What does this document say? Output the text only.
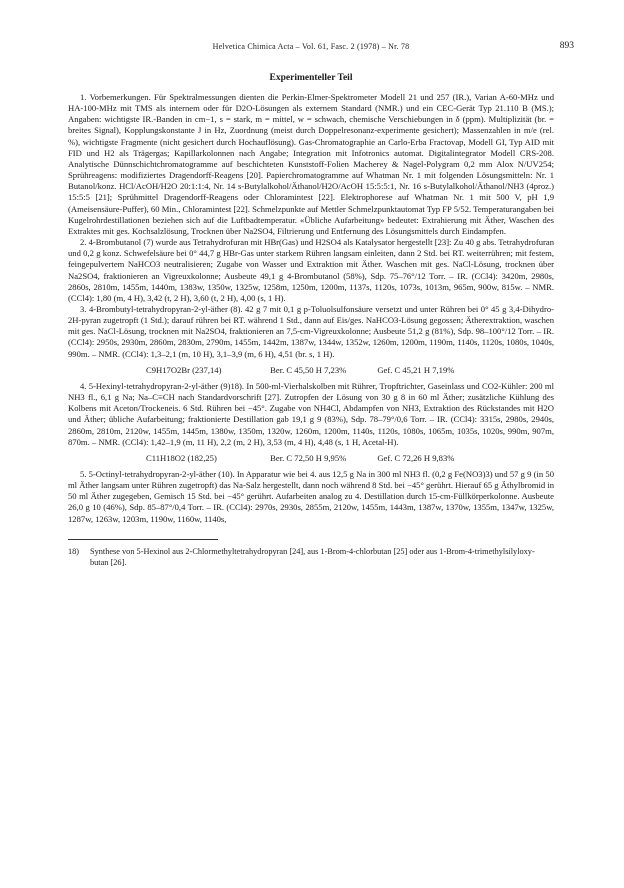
Helvetica Chimica Acta – Vol. 61, Fasc. 2 (1978) – Nr. 78	893
Experimenteller Teil

1. Vorbemerkungen. Für Spektralmessungen dienten die Perkin-Elmer-Spektrometer Modell 21 und 257 (IR.), Varian A-60-MHz und HA-100-MHz mit TMS als internem oder für D2O-Lösungen als externem Standard (NMR.) und ein CEC-Gerät Typ 21.110 B (MS.); Angaben: wichtigste IR.-Banden in cm−1, s = stark, m = mittel, w = schwach, chemische Verschiebungen in δ (ppm). Multiplizität (br. = breites Signal), Kopplungskonstante J in Hz, Zuordnung (meist durch Doppelresonanz-experimente gesichert); Massenzahlen in m/e (rel. %), wichtigste Fragmente (nicht gesichert durch Hochauflösung). Gas-Chromatographie an Carlo-Erba Fractovap, Modell GI, Typ AID mit FID und H2 als Trägergas; Kapillarkolonnen nach Angabe; Integration mit Infotronics automat. Digitalintegrator Modell CRS-208. Analytische Dünnschichtchromatogramme auf beschichteten Kunststoff-Folien Macherey & Nagel-Polygram 0,2 mm Alox N/UV254; Sprühreagens: modifiziertes Dragendorff-Reagens [20]. Papierchromatogramme auf Whatman Nr. 1 mit folgenden Lösungsmitteln: Nr. 1 Butanol/konz. HCl/AcOH/H2O 20:1:1:4, Nr. 14 s-Butylalkohol/Äthanol/H2O/AcOH 15:5:5:1, Nr. 16 s-Butylalkohol/Äthanol/NH3 (4proz.) 15:5:5 [21]; Sprühmittel Dragendorff-Reagens oder Chloramintest [22]. Elektrophorese auf Whatman Nr. 1 mit 500 V, pH 1,9 (Ameisensäure-Puffer), 60 Min., Chloramintest [22]. Schmelzpunkte auf Mettler Schmelzpunktautomat Typ FP 5/52. Temperaturangaben bei Kugelrohrdestillationen beziehen sich auf die Luftbadtemperatur. «Übliche Aufarbeitung» bedeutet: Extrahierung mit Äther, Waschen des Extraktes mit ges. Kochsalzlösung, Trocknen über Na2SO4, Filtrierung und Entfernung des Lösungsmittels durch Eindampfen.

2. 4-Brombutanol (7) wurde aus Tetrahydrofuran mit HBr(Gas) und H2SO4 als Katalysator hergestellt [23]: Zu 40 g abs. Tetrahydrofuran und 0,2 g konz. Schwefelsäure bei 0° 44,7 g HBr-Gas unter starkem Rühren langsam einleiten, dann 2 Std. bei RT. weiterrühren; mit festem, feingepulvertem NaHCO3 neutralisieren; Zugabe von Wasser und Extraktion mit Äther. Waschen mit ges. NaCl-Lösung, trocknen über Na2SO4, fraktionieren an Vigreuxkolonne; Ausbeute 49,1 g 4-Brombutanol (58%), Sdp. 75–76°/12 Torr. – IR. (CCl4): 3420m, 2980s, 2860s, 2810m, 1455m, 1440m, 1383w, 1350w, 1325w, 1258m, 1250m, 1200m, 1137s, 1120s, 1073s, 1013m, 965m, 900w, 815w. – NMR. (CCl4): 1,80 (m, 4 H), 3,42 (t, 2 H), 3,60 (t, 2 H), 4,00 (s, 1 H).

3. 4-Brombutyl-tetrahydropyran-2-yl-äther (8). 42 g 7 mit 0,1 g p-Toluolsulfonsäure versetzt und unter Rühren bei 0° 45 g 3,4-Dihydro-2H-pyran zugetropft (1 Std.); darauf rühren bei RT. während 1 Std., dann auf Eis/ges. NaHCO3-Lösung gegossen; Ätherextraktion, waschen mit ges. NaCl-Lösung, trocknen mit Na2SO4, fraktionieren an 7,5-cm-Vigreuxkolonne; Ausbeute 51,2 g (81%), Sdp. 98–100°/12 Torr. – IR. (CCl4): 2950s, 2930m, 2860m, 2830m, 2790m, 1455m, 1442m, 1387w, 1344w, 1352w, 1260m, 1200m, 1190m, 1140s, 1120s, 1080s, 1040s, 990m. – NMR. (CCl4): 1,3–2,1 (m, 10 H), 3,1–3,9 (m, 6 H), 4,51 (br. s, 1 H).

C9H17O2Br (237,14)	Ber. C 45,50 H 7,23%	Gef. C 45,21 H 7,19%

4. 5-Hexinyl-tetrahydropyran-2-yl-äther (9)18). In 500-ml-Vierhalskolben mit Rührer, Tropftrichter, Gaseinlass und CO2-Kühler: 200 ml NH3 fl., 6,1 g Na; Na–C≡CH nach Standardvorschrift [27]. Zutropfen der Lösung von 30 g 8 in 60 ml Äther; zusätzliche Kühlung des Kolbens mit Aceton/Trockeneis. 6 Std. Rühren bei −45°. Zugabe von NH4Cl, Abdampfen von NH3, Extraktion des Rückstandes mit H2O und Äther; übliche Aufarbeitung; fraktionierte Destillation gab 19,1 g 9 (83%), Sdp. 78–79°/0,6 Torr. – IR. (CCl4): 3315s, 2980s, 2940s, 2860m, 2810m, 2120w, 1455m, 1445m, 1380w, 1350m, 1320w, 1260m, 1200m, 1140s, 1120s, 1080s, 1065m, 1035s, 1020s, 990m, 907m, 870m. – NMR. (CCl4): 1,42–1,9 (m, 11 H), 2,2 (m, 2 H), 3,53 (m, 4 H), 4,48 (s, 1 H, Acetal-H).

C11H18O2 (182,25)	Ber. C 72,50 H 9,95%	Gef. C 72,26 H 9,83%

5. 5-Octinyl-tetrahydropyran-2-yl-äther (10). In Apparatur wie bei 4. aus 12,5 g Na in 300 ml NH3 fl. (0,2 g Fe(NO3)3) und 57 g 9 (in 50 ml Äther langsam unter Rühren zugetropft) das Na-Salz hergestellt, dann noch während 8 Std. bei −45° gerührt. Hierauf 65 g Äthylbromid in 50 ml Äther zugegeben, Gemisch 15 Std. bei −45° gerührt. Aufarbeiten analog zu 4. Destillation durch 15-cm-Füllkörperkolonne. Ausbeute 26,0 g 10 (46%), Sdp. 85–87°/0,4 Torr. – IR. (CCl4): 2970s, 2930s, 2855m, 2120w, 1455m, 1443m, 1387w, 1370w, 1355m, 1347w, 1325w, 1287w, 1263w, 1203m, 1190w, 1160w, 1140s,

18) Synthese von 5-Hexinol aus 2-Chlormethyltetrahydropyran [24], aus 1-Brom-4-chlorbutan [25] oder aus 1-Brom-4-trimethylsilyloxy-butan [26].
